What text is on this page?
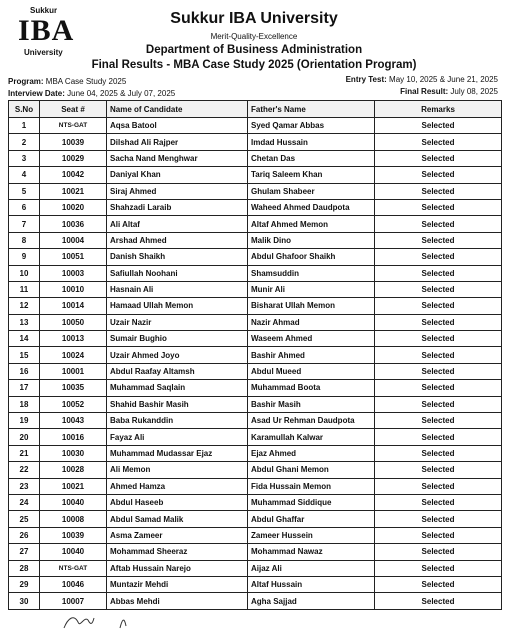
Sukkur
IBA
University
Sukkur IBA University
Merit-Quality-Excellence
Department of Business Administration
Final Results - MBA Case Study 2025 (Orientation Program)
Program: MBA Case Study 2025	Entry Test: May 10, 2025 & June 21, 2025
Interview Date: June 04, 2025 & July 07, 2025	Final Result: July 08, 2025
S.No	Seat #	Name of Candidate	Father's Name	Remarks
1	NTS-GAT	Aqsa Batool	Syed Qamar Abbas	Selected
2	10039	Dilshad Ali Rajper	Imdad Hussain	Selected
3	10029	Sacha Nand Menghwar	Chetan Das	Selected
4	10042	Daniyal Khan	Tariq Saleem Khan	Selected
5	10021	Siraj Ahmed	Ghulam Shabeer	Selected
6	10020	Shahzadi Laraib	Waheed Ahmed Daudpota	Selected
7	10036	Ali Altaf	Altaf Ahmed Memon	Selected
8	10004	Arshad Ahmed	Malik Dino	Selected
9	10051	Danish Shaikh	Abdul Ghafoor Shaikh	Selected
10	10003	Safiullah Noohani	Shamsuddin	Selected
11	10010	Hasnain Ali	Munir Ali	Selected
12	10014	Hamaad Ullah Memon	Bisharat Ullah Memon	Selected
13	10050	Uzair Nazir	Nazir Ahmad	Selected
14	10013	Sumair Bughio	Waseem Ahmed	Selected
15	10024	Uzair Ahmed Joyo	Bashir Ahmed	Selected
16	10001	Abdul Raafay Altamsh	Abdul Mueed	Selected
17	10035	Muhammad Saqlain	Muhammad Boota	Selected
18	10052	Shahid Bashir Masih	Bashir Masih	Selected
19	10043	Baba Rukanddin	Asad Ur Rehman Daudpota	Selected
20	10016	Fayaz Ali	Karamullah Kalwar	Selected
21	10030	Muhammad Mudassar Ejaz	Ejaz Ahmed	Selected
22	10028	Ali Memon	Abdul Ghani Memon	Selected
23	10021	Ahmed Hamza	Fida Hussain Memon	Selected
24	10040	Abdul Haseeb	Muhammad Siddique	Selected
25	10008	Abdul Samad Malik	Abdul Ghaffar	Selected
26	10039	Asma Zameer	Zameer Hussein	Selected
27	10040	Mohammad Sheeraz	Mohammad Nawaz	Selected
28	NTS-GAT	Aftab Hussain Narejo	Aijaz Ali	Selected
29	10046	Muntazir Mehdi	Altaf Hussain	Selected
30	10007	Abbas Mehdi	Agha Sajjad	Selected
